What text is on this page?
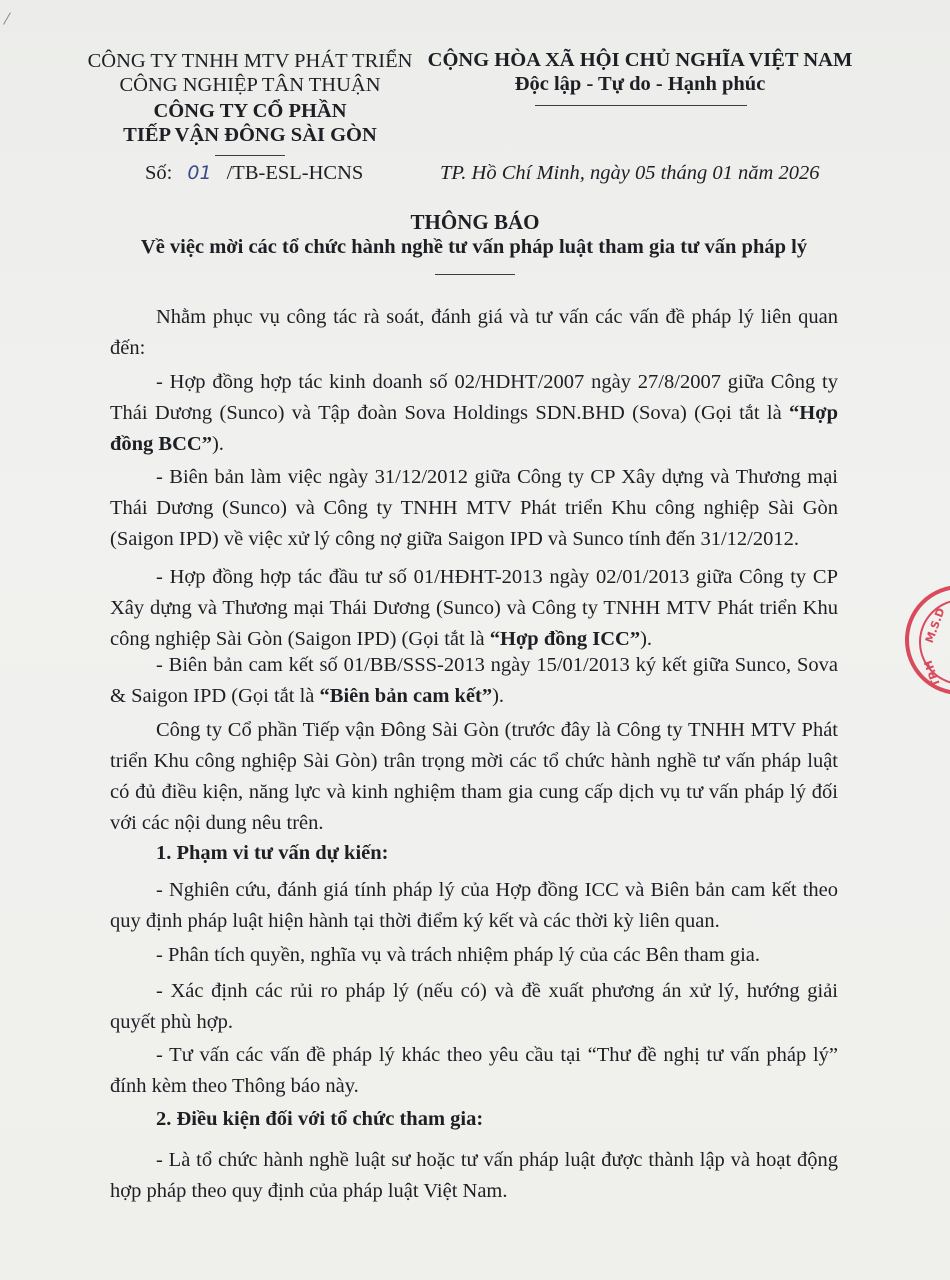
CÔNG TY TNHH MTV PHÁT TRIỂN
CÔNG NGHIỆP TÂN THUẬN
CÔNG TY CỔ PHẦN
TIẾP VẬN ĐÔNG SÀI GÒN
CỘNG HÒA XÃ HỘI CHỦ NGHĨA VIỆT NAM
Độc lập - Tự do - Hạnh phúc
Số: 01 /TB-ESL-HCNS	TP. Hồ Chí Minh, ngày 05 tháng 01 năm 2026
THÔNG BÁO
Về việc mời các tổ chức hành nghề tư vấn pháp luật tham gia tư vấn pháp lý
Nhằm phục vụ công tác rà soát, đánh giá và tư vấn các vấn đề pháp lý liên quan đến:
- Hợp đồng hợp tác kinh doanh số 02/HDHT/2007 ngày 27/8/2007 giữa Công ty Thái Dương (Sunco) và Tập đoàn Sova Holdings SDN.BHD (Sova) (Gọi tắt là “Hợp đồng BCC”).
- Biên bản làm việc ngày 31/12/2012 giữa Công ty CP Xây dựng và Thương mại Thái Dương (Sunco) và Công ty TNHH MTV Phát triển Khu công nghiệp Sài Gòn (Saigon IPD) về việc xử lý công nợ giữa Saigon IPD và Sunco tính đến 31/12/2012.
- Hợp đồng hợp tác đầu tư số 01/HĐHT-2013 ngày 02/01/2013 giữa Công ty CP Xây dựng và Thương mại Thái Dương (Sunco) và Công ty TNHH MTV Phát triển Khu công nghiệp Sài Gòn (Saigon IPD) (Gọi tắt là “Hợp đồng ICC”).
- Biên bản cam kết số 01/BB/SSS-2013 ngày 15/01/2013 ký kết giữa Sunco, Sova & Saigon IPD (Gọi tắt là “Biên bản cam kết”).
Công ty Cổ phần Tiếp vận Đông Sài Gòn (trước đây là Công ty TNHH MTV Phát triển Khu công nghiệp Sài Gòn) trân trọng mời các tổ chức hành nghề tư vấn pháp luật có đủ điều kiện, năng lực và kinh nghiệm tham gia cung cấp dịch vụ tư vấn pháp lý đối với các nội dung nêu trên.
1. Phạm vi tư vấn dự kiến:
- Nghiên cứu, đánh giá tính pháp lý của Hợp đồng ICC và Biên bản cam kết theo quy định pháp luật hiện hành tại thời điểm ký kết và các thời kỳ liên quan.
- Phân tích quyền, nghĩa vụ và trách nhiệm pháp lý của các Bên tham gia.
- Xác định các rủi ro pháp lý (nếu có) và đề xuất phương án xử lý, hướng giải quyết phù hợp.
- Tư vấn các vấn đề pháp lý khác theo yêu cầu tại “Thư đề nghị tư vấn pháp lý” đính kèm theo Thông báo này.
2. Điều kiện đối với tổ chức tham gia:
- Là tổ chức hành nghề luật sư hoặc tư vấn pháp luật được thành lập và hoạt động hợp pháp theo quy định của pháp luật Việt Nam.
M.S.D
TP.H
